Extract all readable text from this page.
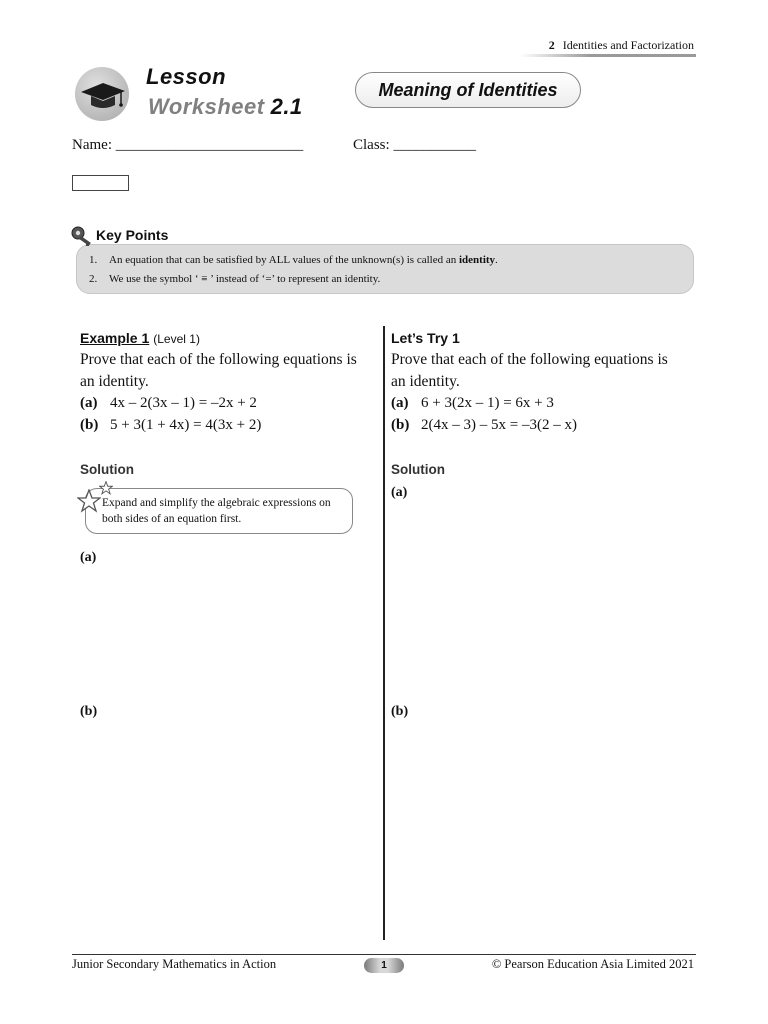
2 Identities and Factorization
Lesson
Worksheet 2.1
Meaning of Identities
Name: _________________________	Class: ___________
1. An equation that can be satisfied by ALL values of the unknown(s) is called an identity.
2. We use the symbol ‘ ≡ ’ instead of ‘=’ to represent an identity.
Key Points
Example 1 (Level 1)
Prove that each of the following equations is an identity.
(a) 4x – 2(3x – 1) = –2x + 2
(b) 5 + 3(1 + 4x) = 4(3x + 2)
Solution
Expand and simplify the algebraic expressions on both sides of an equation first.
(a)
(b)
Let’s Try 1
Prove that each of the following equations is an identity.
(a) 6 + 3(2x – 1) = 6x + 3
(b) 2(4x – 3) – 5x = –3(2 – x)
Solution
(a)
(b)
Junior Secondary Mathematics in Action	1	© Pearson Education Asia Limited 2021
